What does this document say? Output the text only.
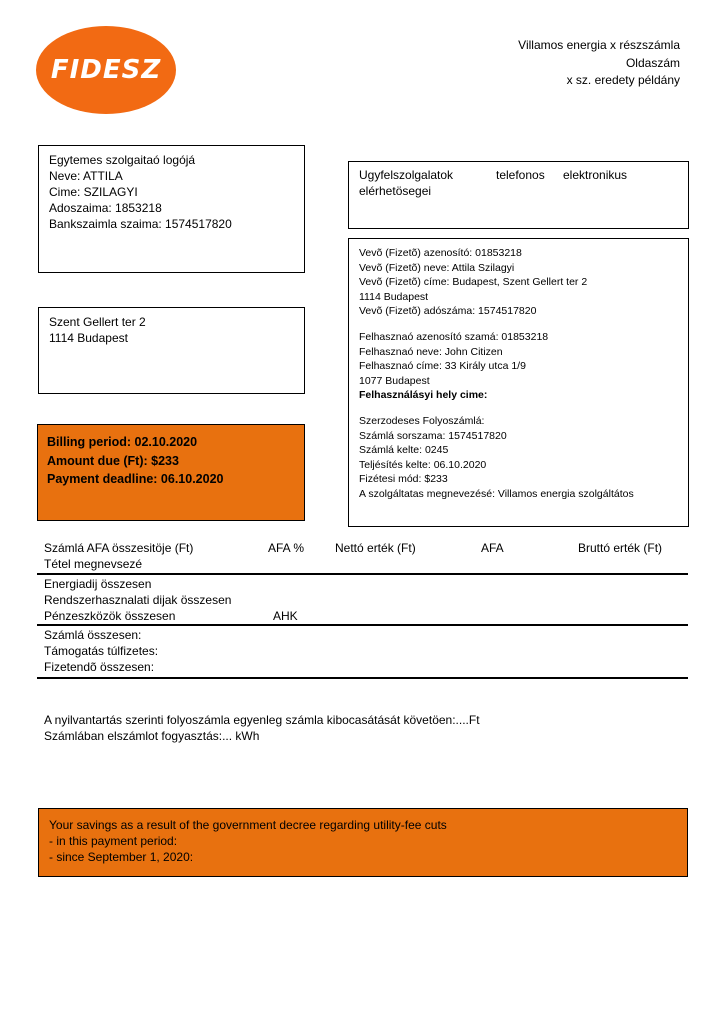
FIDESZ
Villamos energia x részszámla
Oldaszám
x sz. eredety példány
Egytemes szolgaitaó logójá
Neve: ATTILA
Cime: SZILAGYI
Adoszaima: 1853218
Bankszaimla szaima: 1574517820
Szent Gellert ter 2
1114 Budapest
Billing period: 02.10.2020
Amount due (Ft): $233
Payment deadline: 06.10.2020
Ugyfelszolgalatok	telefonos elektronikus
elérhetösegei
Vevõ (Fizetõ) azenosító: 01853218
Vevõ (Fizetõ) neve: Attila Szilagyi
Vevõ (Fizetõ) címe: Budapest, Szent Gellert ter 2
1114 Budapest
Vevõ (Fizetõ) adószáma: 1574517820
Felhasznaó azenosító szamá: 01853218
Felhasznaó neve: John Citizen
Felhasznaó címe: 33 Király utca 1/9
1077 Budapest
Felhasználásyi hely cime:
Szerzodeses Folyoszámlá:
Számlá sorszama: 1574517820
Számlá kelte: 0245
Teljésítés kelte: 06.10.2020
Fizétesi mód: $233
A szolgáltatas megnevezésé: Villamos energia szolgáltátos
Számlá AFA összesitöje (Ft)	AFA %	Nettó erték (Ft)	AFA	Bruttó erték (Ft)
Tétel megnevsezé
Energiadij összesen
Rendszerhasznalati dijak összesen
Pénzeszközök összesen	AHK
Számlá összesen:
Támogatás túlfizetes:
Fizetendõ összesen:
A nyilvantartás szerinti folyoszámla egyenleg számla kibocasátását követöen:....Ft
Számlában elszámlot fogyasztás:... kWh
Your savings as a result of the government decree regarding utility-fee cuts
- in this payment period:
- since September 1, 2020:
